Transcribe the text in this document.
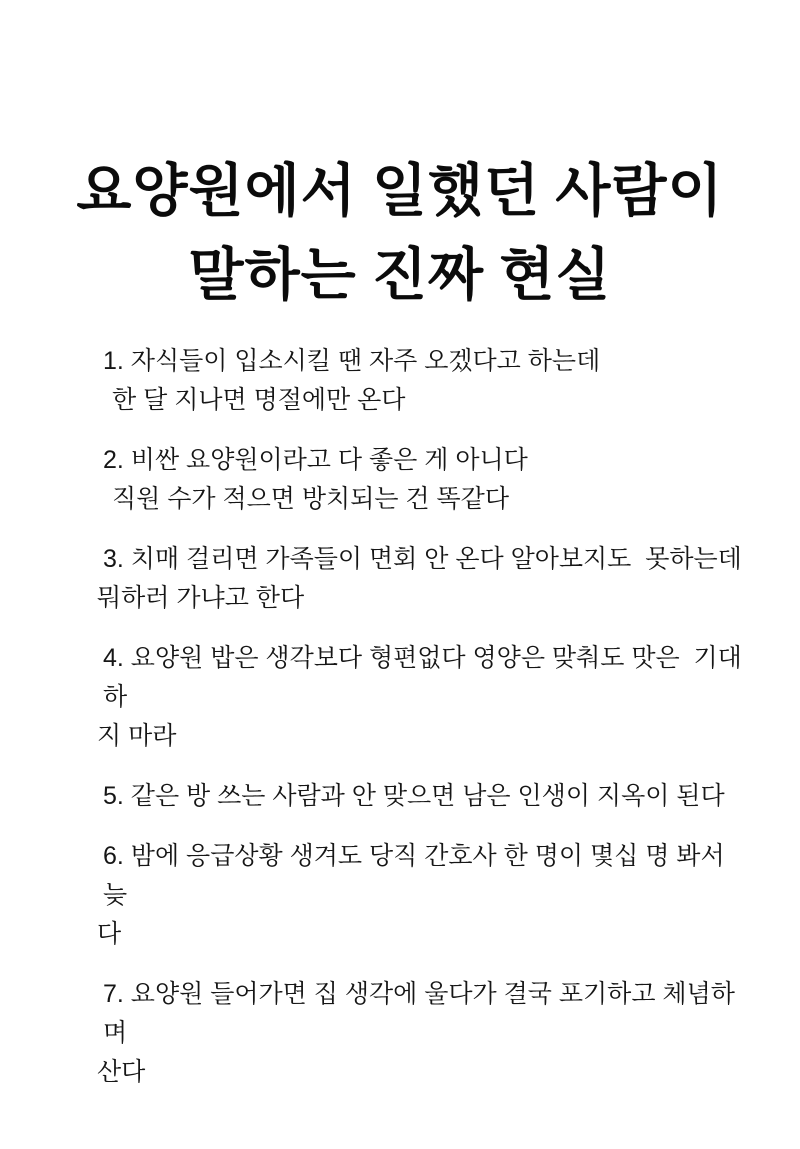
요양원에서 일했던 사람이
말하는 진짜 현실

1. 자식들이 입소시킬 땐 자주 오겠다고 하는데
한 달 지나면 명절에만 온다

2. 비싼 요양원이라고 다 좋은 게 아니다
직원 수가 적으면 방치되는 건 똑같다

3. 치매 걸리면 가족들이 면회 안 온다 알아보지도  못하는데
뭐하러 가냐고 한다

4. 요양원 밥은 생각보다 형편없다 영양은 맞춰도 맛은  기대하
지 마라

5. 같은 방 쓰는 사람과 안 맞으면 남은 인생이 지옥이 된다

6. 밤에 응급상황 생겨도 당직 간호사 한 명이 몇십 명 봐서 늦
다

7. 요양원 들어가면 집 생각에 울다가 결국 포기하고 체념하며
산다
